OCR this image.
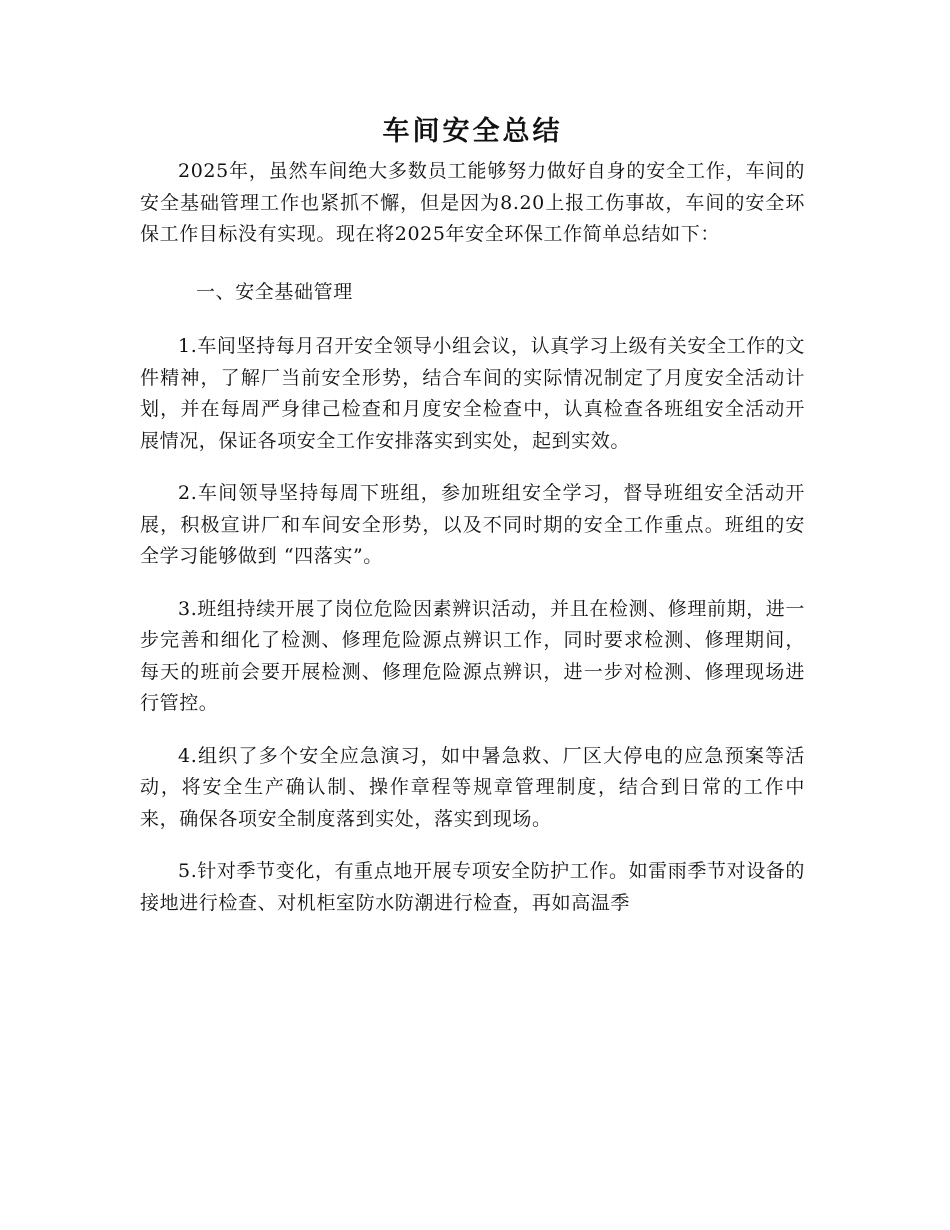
车间安全总结

2025年，虽然车间绝大多数员工能够努力做好自身的安全工作，车间的安全基础管理工作也紧抓不懈，但是因为8.20上报工伤事故，车间的安全环保工作目标没有实现。现在将2025年安全环保工作简单总结如下：

一、安全基础管理

1.车间坚持每月召开安全领导小组会议，认真学习上级有关安全工作的文件精神，了解厂当前安全形势，结合车间的实际情况制定了月度安全活动计划，并在每周严身律己检查和月度安全检查中，认真检查各班组安全活动开展情况，保证各项安全工作安排落实到实处，起到实效。

2.车间领导坚持每周下班组，参加班组安全学习，督导班组安全活动开展，积极宣讲厂和车间安全形势，以及不同时期的安全工作重点。班组的安全学习能够做到 “四落实”。

3.班组持续开展了岗位危险因素辨识活动，并且在检测、修理前期，进一步完善和细化了检测、修理危险源点辨识工作，同时要求检测、修理期间，每天的班前会要开展检测、修理危险源点辨识，进一步对检测、修理现场进行管控。

4.组织了多个安全应急演习，如中暑急救、厂区大停电的应急预案等活动，将安全生产确认制、操作章程等规章管理制度，结合到日常的工作中来，确保各项安全制度落到实处，落实到现场。

5.针对季节变化，有重点地开展专项安全防护工作。如雷雨季节对设备的接地进行检查、对机柜室防水防潮进行检查，再如高温季
